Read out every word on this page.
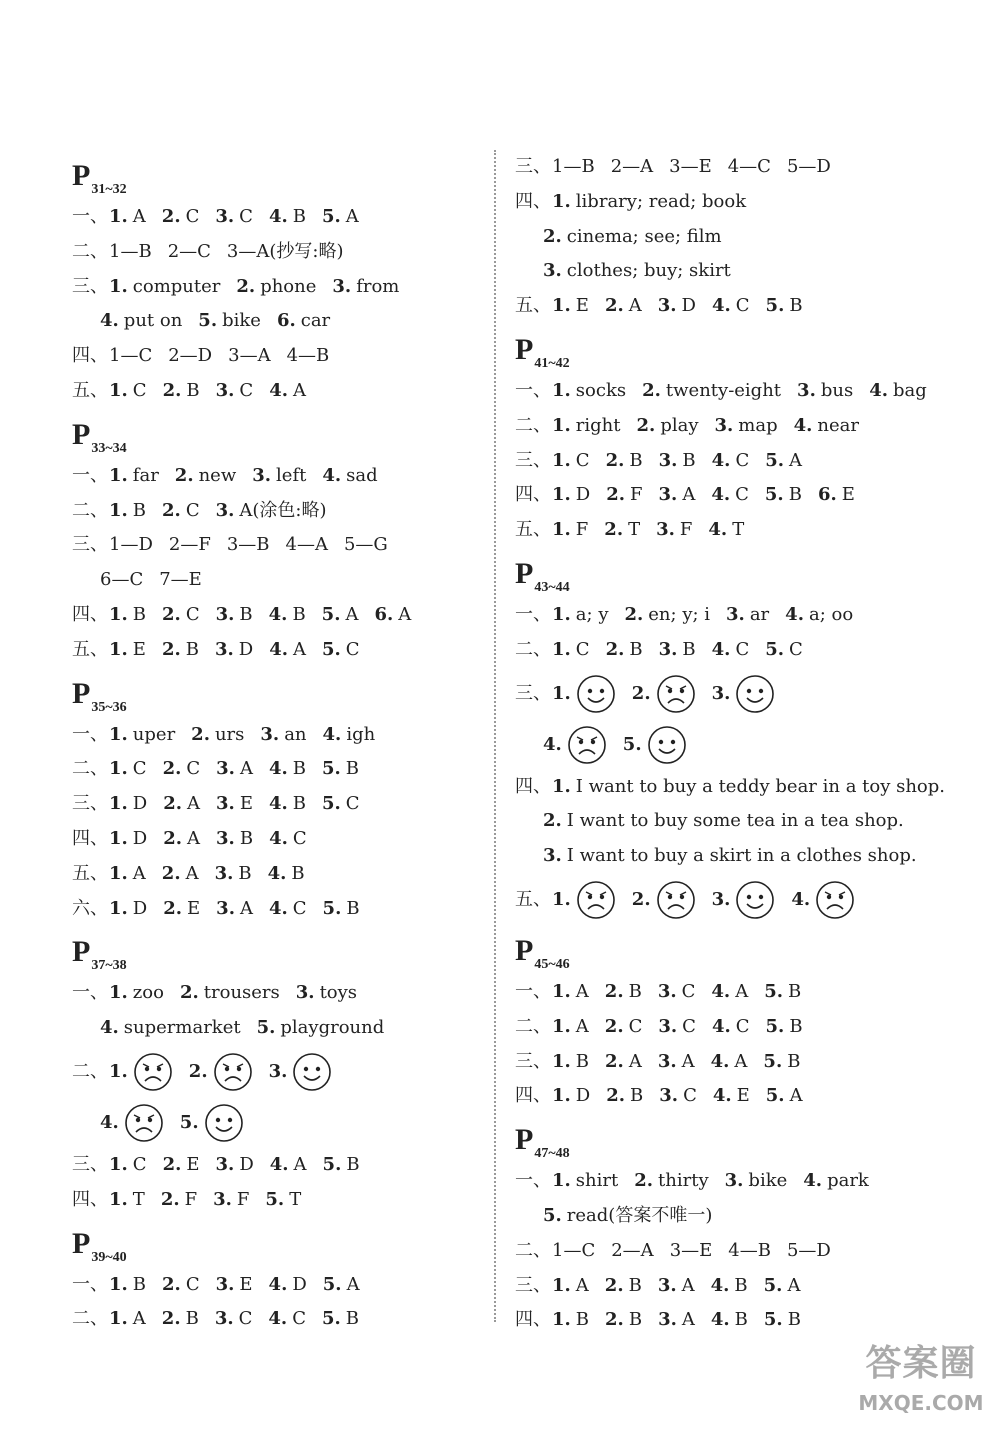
P31~32
一、1. A 2. C 3. C 4. B 5. A
二、1—B 2—C 3—A(抄写:略)
三、1. computer 2. phone 3. from
4. put on 5. bike 6. car
四、1—C 2—D 3—A 4—B
五、1. C 2. B 3. C 4. A
P33~34
一、1. far 2. new 3. left 4. sad
二、1. B 2. C 3. A(涂色:略)
三、1—D 2—F 3—B 4—A 5—G
6—C 7—E
四、1. B 2. C 3. B 4. B 5. A 6. A
五、1. E 2. B 3. D 4. A 5. C
P35~36
一、1. uper 2. urs 3. an 4. igh
二、1. C 2. C 3. A 4. B 5. B
三、1. D 2. A 3. E 4. B 5. C
四、1. D 2. A 3. B 4. C
五、1. A 2. A 3. B 4. B
六、1. D 2. E 3. A 4. C 5. B
P37~38
一、1. zoo 2. trousers 3. toys
4. supermarket 5. playground
二、1.	2.	3.
4.	5.
三、1. C 2. E 3. D 4. A 5. B
四、1. T 2. F 3. F 5. T
P39~40
一、1. B 2. C 3. E 4. D 5. A
二、1. A 2. B 3. C 4. C 5. B
三、1—B 2—A 3—E 4—C 5—D
四、1. library; read; book
2. cinema; see; film
3. clothes; buy; skirt
五、1. E 2. A 3. D 4. C 5. B
P41~42
一、1. socks 2. twenty-eight 3. bus 4. bag
二、1. right 2. play 3. map 4. near
三、1. C 2. B 3. B 4. C 5. A
四、1. D 2. F 3. A 4. C 5. B 6. E
五、1. F 2. T 3. F 4. T
P43~44
一、1. a; y 2. en; y; i 3. ar 4. a; oo
二、1. C 2. B 3. B 4. C 5. C
三、1.	2.	3.
4.	5.
四、1. I want to buy a teddy bear in a toy shop.
2. I want to buy some tea in a tea shop.
3. I want to buy a skirt in a clothes shop.
五、1.	2.	3.	4.
P45~46
一、1. A 2. B 3. C 4. A 5. B
二、1. A 2. C 3. C 4. C 5. B
三、1. B 2. A 3. A 4. A 5. B
四、1. D 2. B 3. C 4. E 5. A
P47~48
一、1. shirt 2. thirty 3. bike 4. park
5. read(答案不唯一)
二、1—C 2—A 3—E 4—B 5—D
三、1. A 2. B 3. A 4. B 5. A
四、1. B 2. B 3. A 4. B 5. B
答案圈
MXQE.COM
